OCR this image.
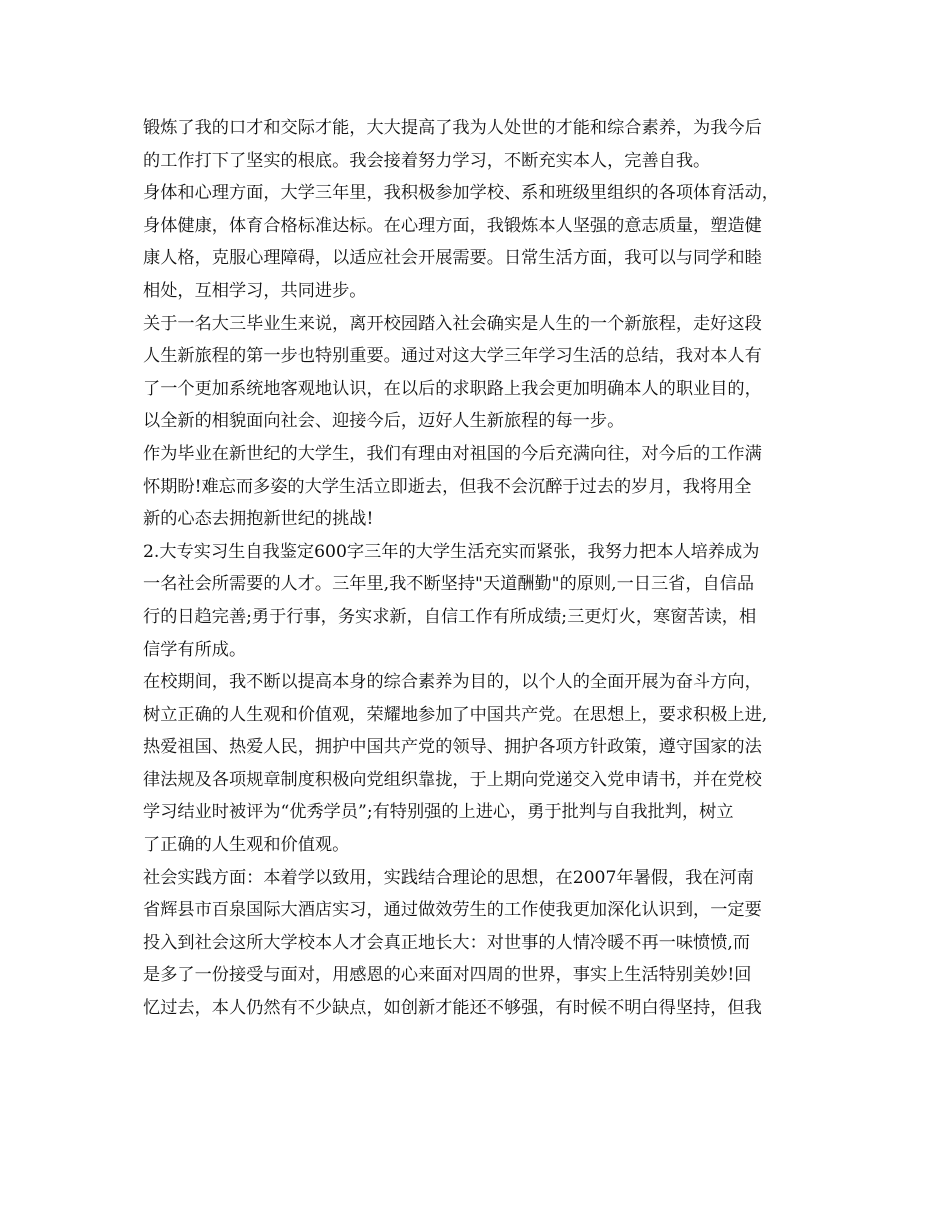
锻炼了我的口才和交际才能，大大提高了我为人处世的才能和综合素养，为我今后
的工作打下了坚实的根底。我会接着努力学习，不断充实本人，完善自我。
身体和心理方面，大学三年里，我积极参加学校、系和班级里组织的各项体育活动，
身体健康，体育合格标准达标。在心理方面，我锻炼本人坚强的意志质量，塑造健
康人格，克服心理障碍，以适应社会开展需要。日常生活方面，我可以与同学和睦
相处，互相学习，共同进步。
关于一名大三毕业生来说，离开校园踏入社会确实是人生的一个新旅程，走好这段
人生新旅程的第一步也特别重要。通过对这大学三年学习生活的总结，我对本人有
了一个更加系统地客观地认识，在以后的求职路上我会更加明确本人的职业目的，
以全新的相貌面向社会、迎接今后，迈好人生新旅程的每一步。
作为毕业在新世纪的大学生，我们有理由对祖国的今后充满向往，对今后的工作满
怀期盼!难忘而多姿的大学生活立即逝去，但我不会沉醉于过去的岁月，我将用全
新的心态去拥抱新世纪的挑战!
2.大专实习生自我鉴定600字三年的大学生活充实而紧张，我努力把本人培养成为
一名社会所需要的人才。三年里,我不断坚持"天道酬勤"的原则,一日三省，自信品
行的日趋完善;勇于行事，务实求新，自信工作有所成绩;三更灯火，寒窗苦读，相
信学有所成。
在校期间，我不断以提高本身的综合素养为目的，以个人的全面开展为奋斗方向，
树立正确的人生观和价值观，荣耀地参加了中国共产党。在思想上，要求积极上进,
热爱祖国、热爱人民，拥护中国共产党的领导、拥护各项方针政策，遵守国家的法
律法规及各项规章制度积极向党组织靠拢，于上期向党递交入党申请书，并在党校
学习结业时被评为“优秀学员”;有特别强的上进心，勇于批判与自我批判，树立
了正确的人生观和价值观。
社会实践方面：本着学以致用，实践结合理论的思想，在2007年暑假，我在河南
省辉县市百泉国际大酒店实习，通过做效劳生的工作使我更加深化认识到，一定要
投入到社会这所大学校本人才会真正地长大：对世事的人情冷暖不再一味愤愤,而
是多了一份接受与面对，用感恩的心来面对四周的世界，事实上生活特别美妙!回
忆过去，本人仍然有不少缺点，如创新才能还不够强，有时候不明白得坚持，但我
